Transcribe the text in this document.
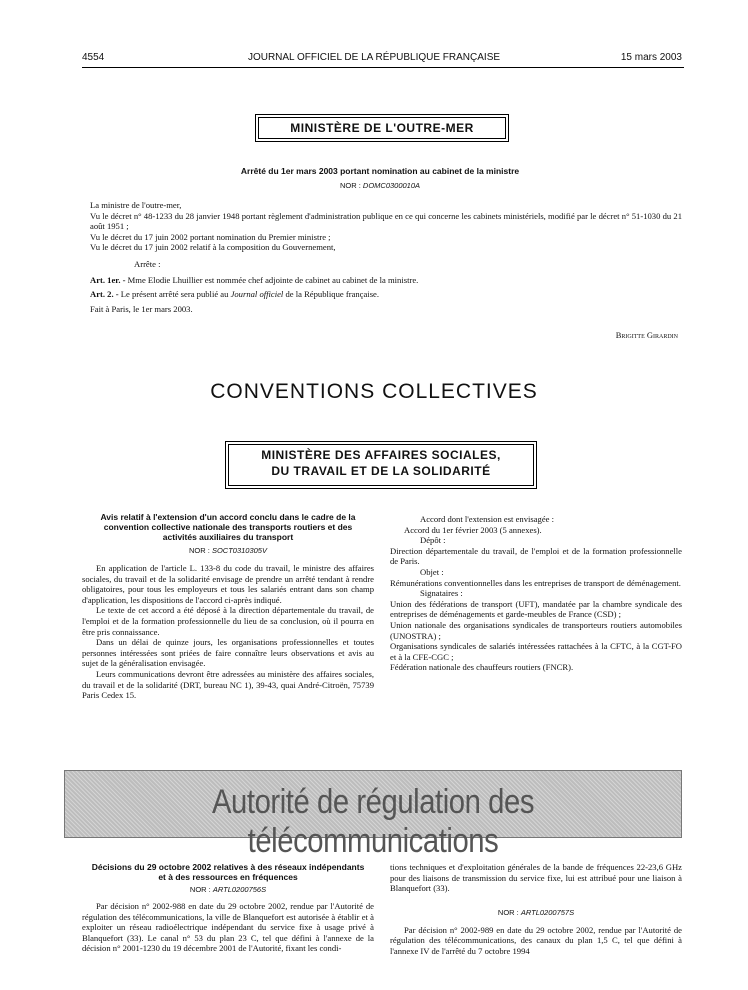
4554	JOURNAL OFFICIEL DE LA RÉPUBLIQUE FRANÇAISE	15 mars 2003
MINISTÈRE DE L'OUTRE-MER
Arrêté du 1er mars 2003 portant nomination au cabinet de la ministre
NOR : DOMC0300010A

La ministre de l'outre-mer,

Vu le décret n° 48-1233 du 28 janvier 1948 portant règlement d'administration publique en ce qui concerne les cabinets ministériels, modifié par le décret n° 51-1030 du 21 août 1951 ;

Vu le décret du 17 juin 2002 portant nomination du Premier ministre ;

Vu le décret du 17 juin 2002 relatif à la composition du Gouvernement,

Arrête :

Art. 1er. - Mme Elodie Lhuillier est nommée chef adjointe de cabinet au cabinet de la ministre.

Art. 2. - Le présent arrêté sera publié au Journal officiel de la République française.

Fait à Paris, le 1er mars 2003.

Brigitte Girardin
CONVENTIONS COLLECTIVES
MINISTÈRE DES AFFAIRES SOCIALES,
DU TRAVAIL ET DE LA SOLIDARITÉ
Avis relatif à l'extension d'un accord conclu dans le cadre de la convention collective nationale des transports routiers et des activités auxiliaires du transport
NOR : SOCT0310305V

En application de l'article L. 133-8 du code du travail, le ministre des affaires sociales, du travail et de la solidarité envisage de prendre un arrêté tendant à rendre obligatoires, pour tous les employeurs et tous les salariés entrant dans son champ d'application, les dispositions de l'accord ci-après indiqué.

Le texte de cet accord a été déposé à la direction départementale du travail, de l'emploi et de la formation professionnelle du lieu de sa conclusion, où il pourra en être pris connaissance.

Dans un délai de quinze jours, les organisations professionnelles et toutes personnes intéressées sont priées de faire connaître leurs observations et avis au sujet de la généralisation envisagée.

Leurs communications devront être adressées au ministère des affaires sociales, du travail et de la solidarité (DRT, bureau NC 1), 39-43, quai André-Citroën, 75739 Paris Cedex 15.

Accord dont l'extension est envisagée :

Accord du 1er février 2003 (5 annexes).

Dépôt :

Direction départementale du travail, de l'emploi et de la formation professionnelle de Paris.

Objet :

Rémunérations conventionnelles dans les entreprises de transport de déménagement.

Signataires :

Union des fédérations de transport (UFT), mandatée par la chambre syndicale des entreprises de déménagements et garde-meubles de France (CSD) ;

Union nationale des organisations syndicales de transporteurs routiers automobiles (UNOSTRA) ;

Organisations syndicales de salariés intéressées rattachées à la CFTC, à la CGT-FO et à la CFE-CGC ;

Fédération nationale des chauffeurs routiers (FNCR).

Autorité de régulation des télécommunications
Décisions du 29 octobre 2002 relatives à des réseaux indépendants et à des ressources en fréquences
NOR : ARTL0200756S

Par décision n° 2002-988 en date du 29 octobre 2002, rendue par l'Autorité de régulation des télécommunications, la ville de Blanquefort est autorisée à établir et à exploiter un réseau radioélectrique indépendant du service fixe à usage privé à Blanquefort (33). Le canal n° 53 du plan 23 C, tel que défini à l'annexe de la décision n° 2001-1230 du 19 décembre 2001 de l'Autorité, fixant les condi-

tions techniques et d'exploitation générales de la bande de fréquences 22-23,6 GHz pour des liaisons de transmission du service fixe, lui est attribué pour une liaison à Blanquefort (33).

NOR : ARTL0200757S

Par décision n° 2002-989 en date du 29 octobre 2002, rendue par l'Autorité de régulation des télécommunications, des canaux du plan 1,5 C, tel que défini à l'annexe IV de l'arrêté du 7 octobre 1994
